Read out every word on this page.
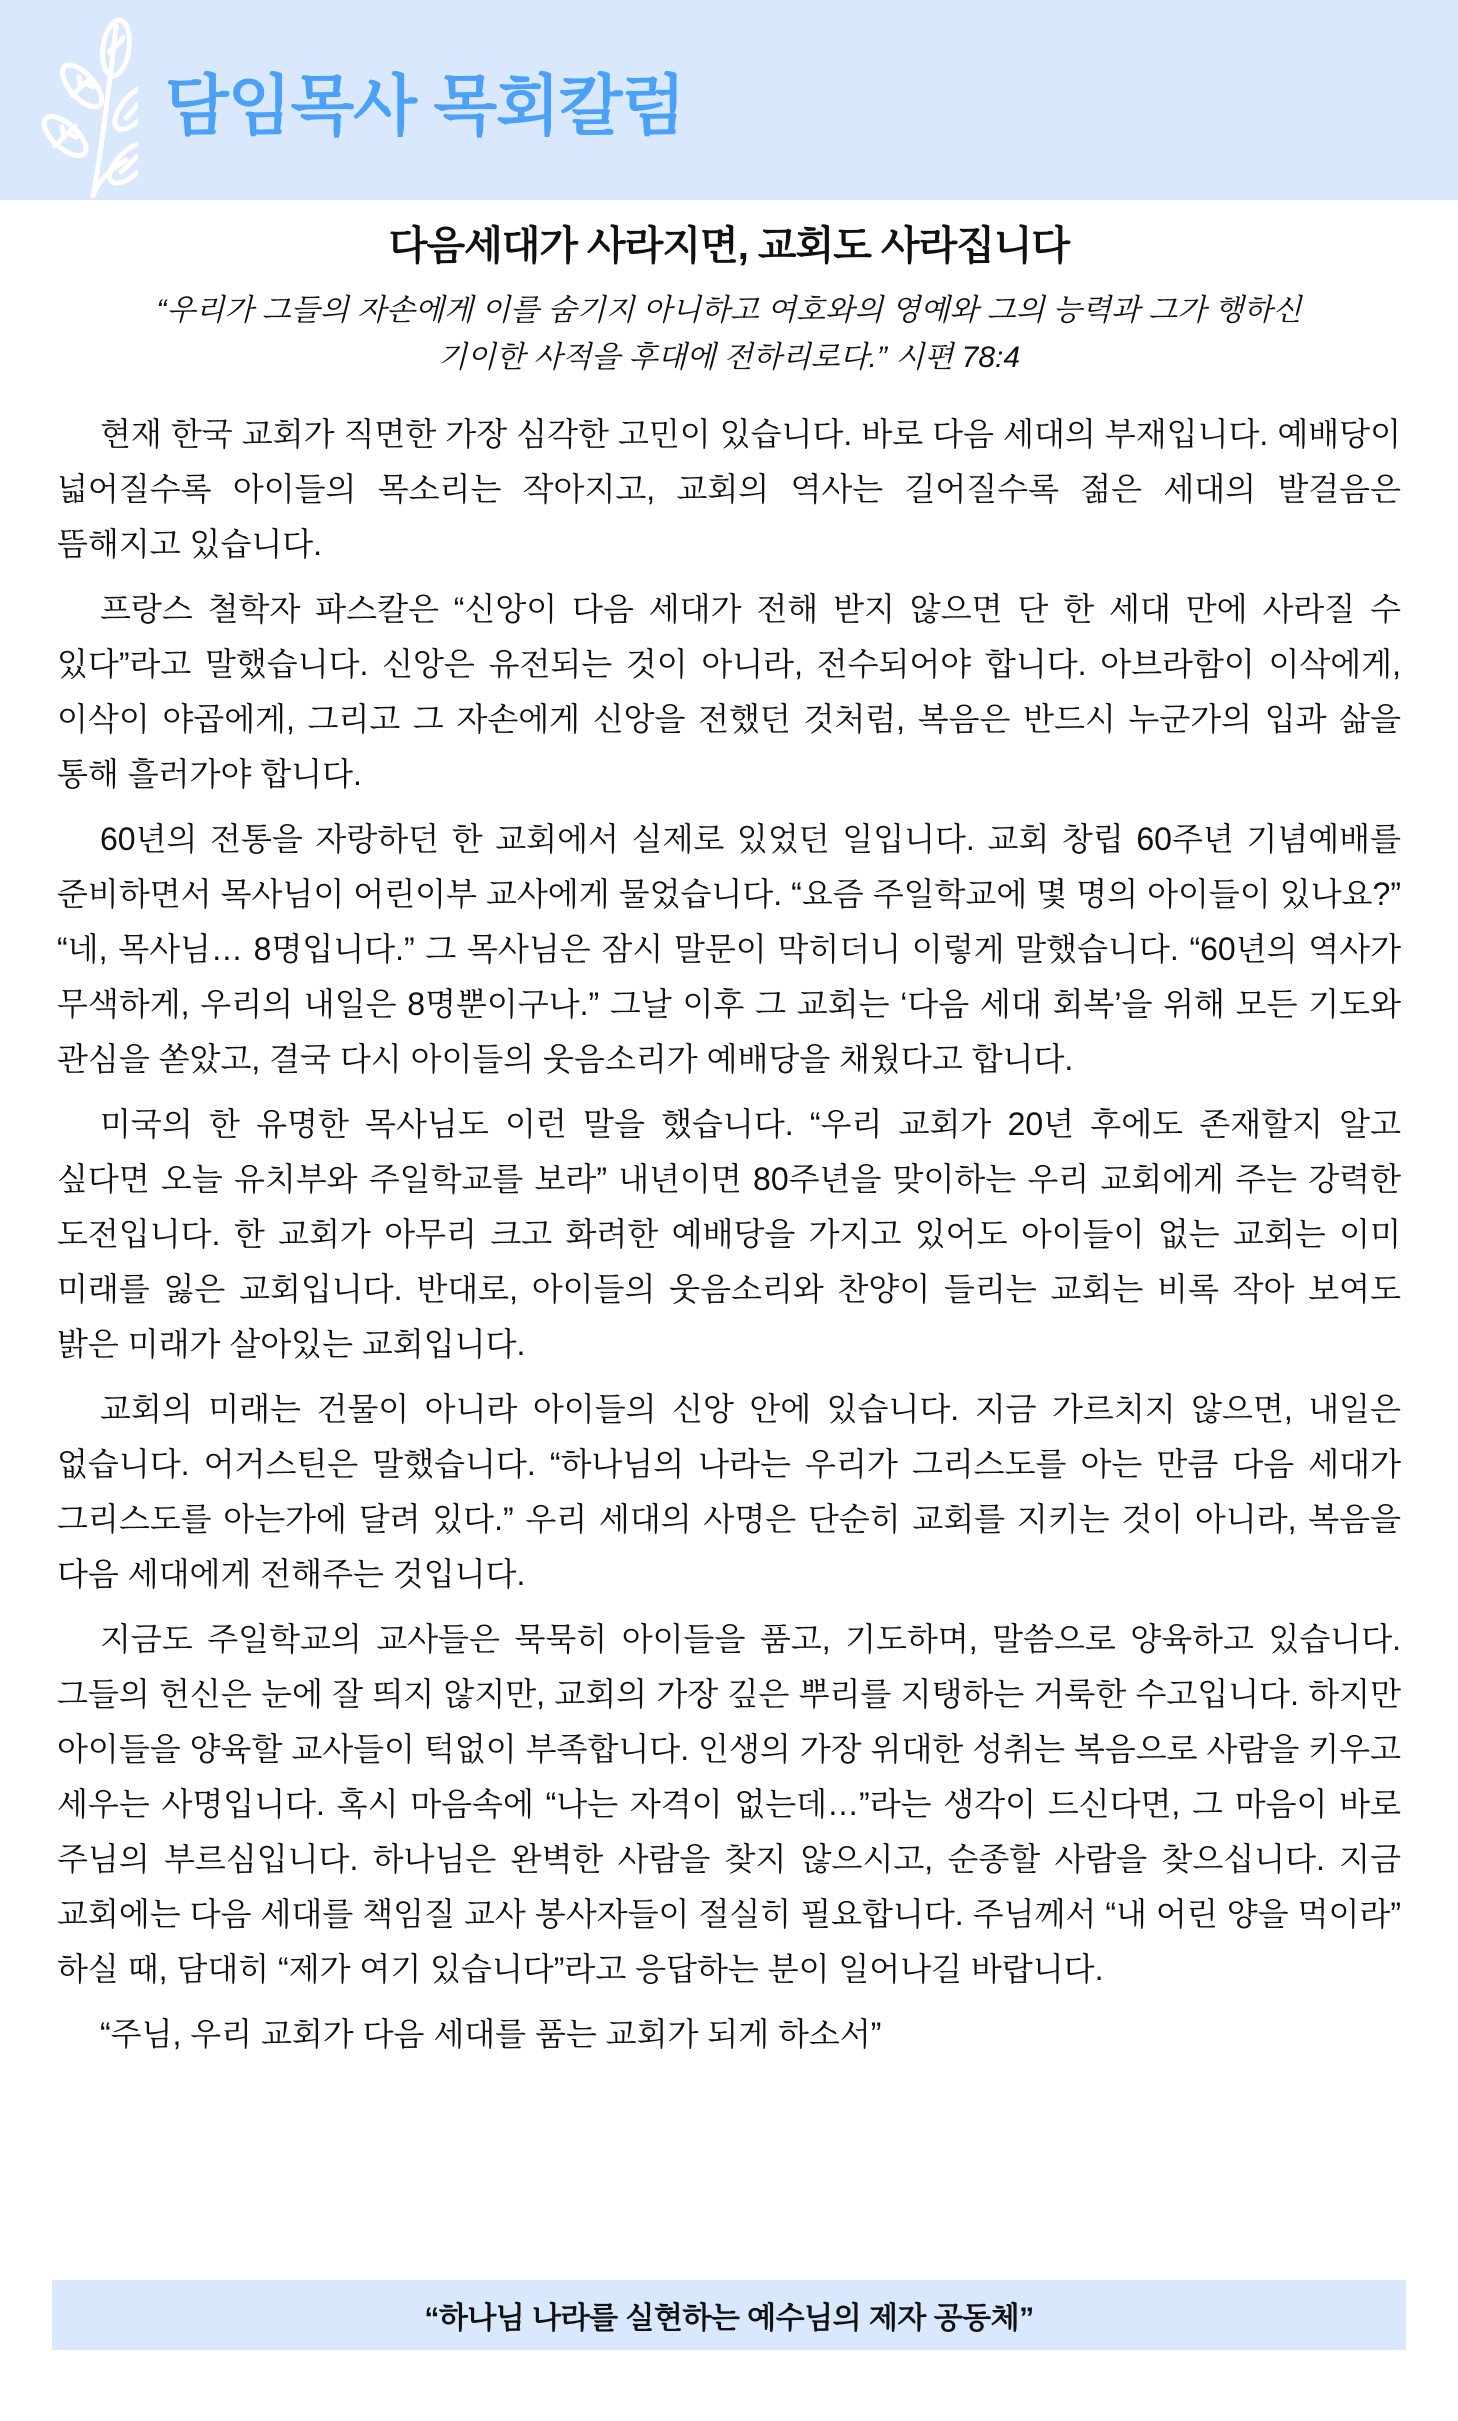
담임목사 목회칼럼
다음세대가 사라지면, 교회도 사라집니다

“우리가 그들의 자손에게 이를 숨기지 아니하고 여호와의 영예와 그의 능력과 그가 행하신 기이한 사적을 후대에 전하리로다.” 시편 78:4

현재 한국 교회가 직면한 가장 심각한 고민이 있습니다. 바로 다음 세대의 부재입니다. 예배당이 넓어질수록 아이들의 목소리는 작아지고, 교회의 역사는 길어질수록 젊은 세대의 발걸음은 뜸해지고 있습니다.

프랑스 철학자 파스칼은 “신앙이 다음 세대가 전해 받지 않으면 단 한 세대 만에 사라질 수 있다”라고 말했습니다. 신앙은 유전되는 것이 아니라, 전수되어야 합니다. 아브라함이 이삭에게, 이삭이 야곱에게, 그리고 그 자손에게 신앙을 전했던 것처럼, 복음은 반드시 누군가의 입과 삶을 통해 흘러가야 합니다.

60년의 전통을 자랑하던 한 교회에서 실제로 있었던 일입니다. 교회 창립 60주년 기념예배를 준비하면서 목사님이 어린이부 교사에게 물었습니다. “요즘 주일학교에 몇 명의 아이들이 있나요?” “네, 목사님… 8명입니다.” 그 목사님은 잠시 말문이 막히더니 이렇게 말했습니다. “60년의 역사가 무색하게, 우리의 내일은 8명뿐이구나.” 그날 이후 그 교회는 ‘다음 세대 회복’을 위해 모든 기도와 관심을 쏟았고, 결국 다시 아이들의 웃음소리가 예배당을 채웠다고 합니다.

미국의 한 유명한 목사님도 이런 말을 했습니다. “우리 교회가 20년 후에도 존재할지 알고 싶다면 오늘 유치부와 주일학교를 보라” 내년이면 80주년을 맞이하는 우리 교회에게 주는 강력한 도전입니다. 한 교회가 아무리 크고 화려한 예배당을 가지고 있어도 아이들이 없는 교회는 이미 미래를 잃은 교회입니다. 반대로, 아이들의 웃음소리와 찬양이 들리는 교회는 비록 작아 보여도 밝은 미래가 살아있는 교회입니다.

교회의 미래는 건물이 아니라 아이들의 신앙 안에 있습니다. 지금 가르치지 않으면, 내일은 없습니다. 어거스틴은 말했습니다. “하나님의 나라는 우리가 그리스도를 아는 만큼 다음 세대가 그리스도를 아는가에 달려 있다.” 우리 세대의 사명은 단순히 교회를 지키는 것이 아니라, 복음을 다음 세대에게 전해주는 것입니다.

지금도 주일학교의 교사들은 묵묵히 아이들을 품고, 기도하며, 말씀으로 양육하고 있습니다. 그들의 헌신은 눈에 잘 띄지 않지만, 교회의 가장 깊은 뿌리를 지탱하는 거룩한 수고입니다. 하지만 아이들을 양육할 교사들이 턱없이 부족합니다. 인생의 가장 위대한 성취는 복음으로 사람을 키우고 세우는 사명입니다. 혹시 마음속에 “나는 자격이 없는데…”라는 생각이 드신다면, 그 마음이 바로 주님의 부르심입니다. 하나님은 완벽한 사람을 찾지 않으시고, 순종할 사람을 찾으십니다. 지금 교회에는 다음 세대를 책임질 교사 봉사자들이 절실히 필요합니다. 주님께서 “내 어린 양을 먹이라” 하실 때, 담대히 “제가 여기 있습니다”라고 응답하는 분이 일어나길 바랍니다.

“주님, 우리 교회가 다음 세대를 품는 교회가 되게 하소서”

“하나님 나라를 실현하는 예수님의 제자 공동체”
